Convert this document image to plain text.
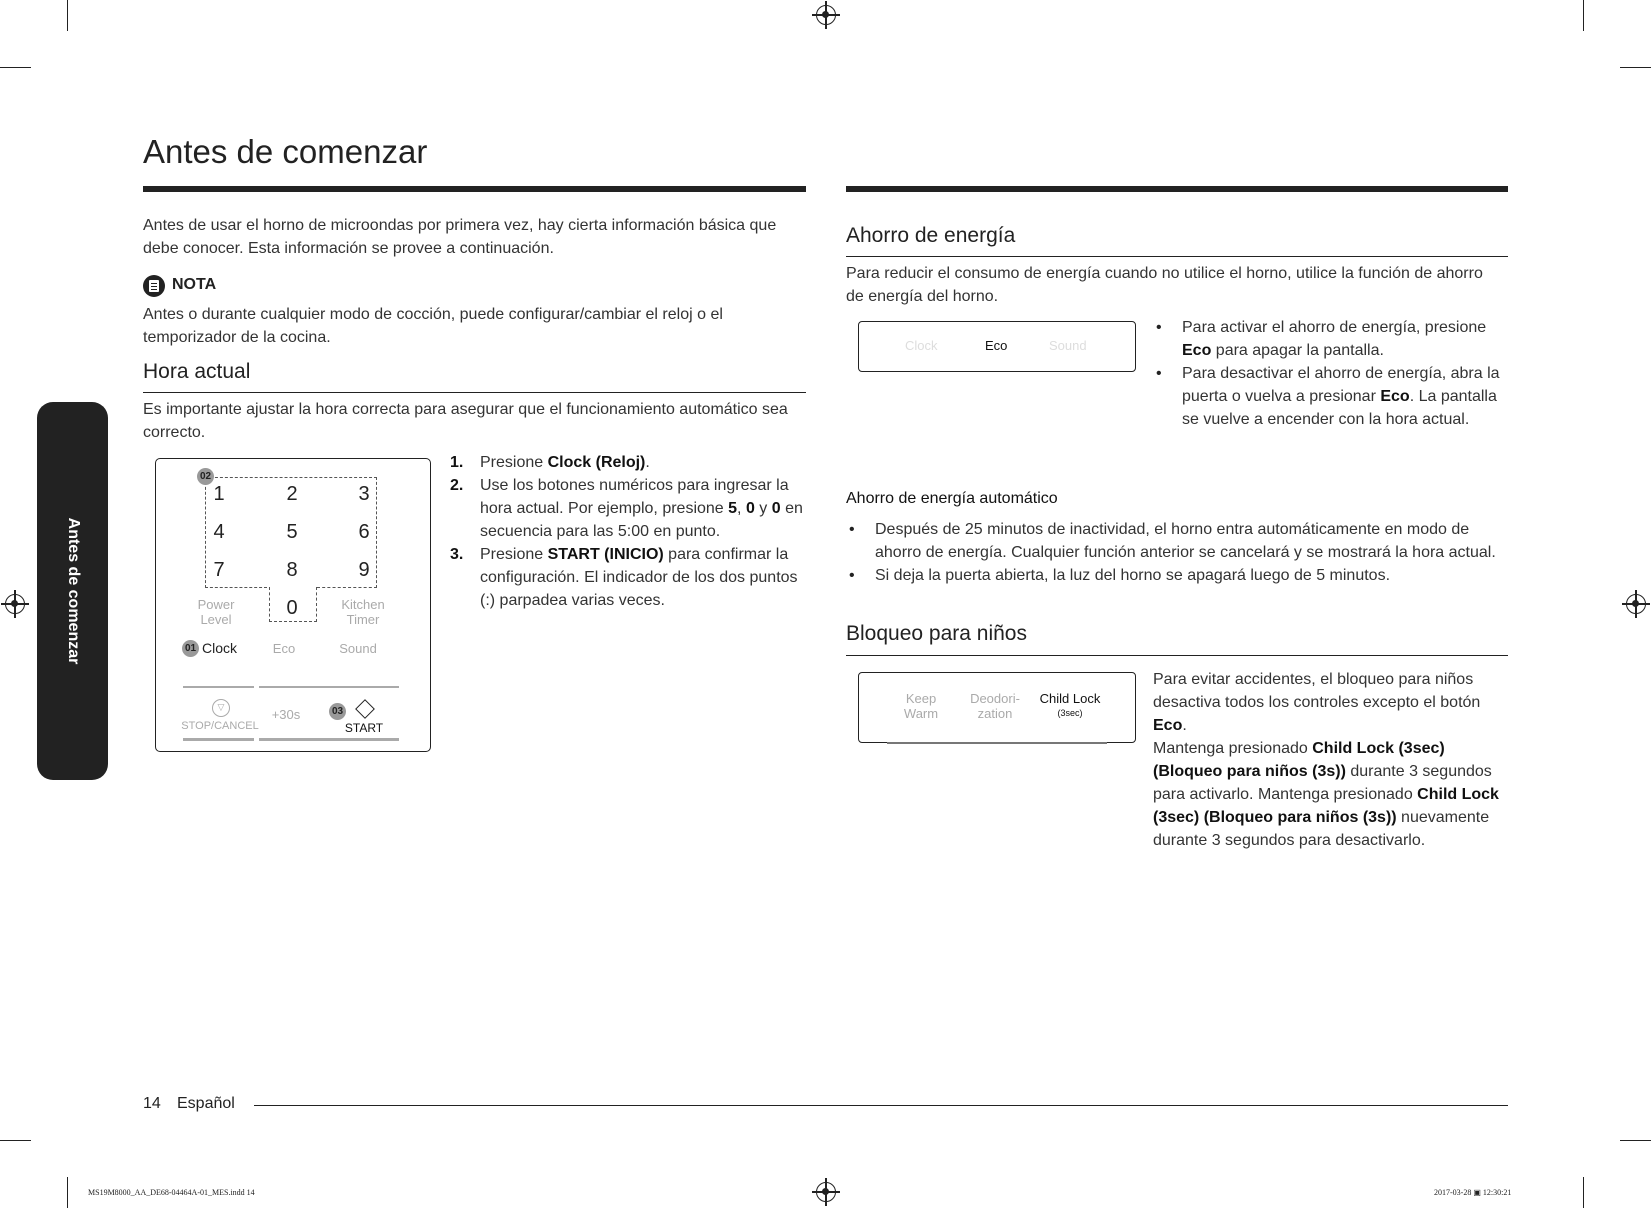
Antes de comenzar
Antes de comenzar

Antes de usar el horno de microondas por primera vez, hay cierta información básica que debe conocer. Esta información se provee a continuación.

NOTA

Antes o durante cualquier modo de cocción, puede configurar/cambiar el reloj o el temporizador de la cocina.

Hora actual

Es importante ajustar la hora correcta para asegurar que el funcionamiento automático sea correcto.

02
1	2	3
4	5	6
7	8	9
0
Power
Level
Kitchen
Timer
01 Clock	Eco	Sound
▽
STOP/CANCEL
+30s	03
START
1. Presione Clock (Reloj).
2. Use los botones numéricos para ingresar la hora actual. Por ejemplo, presione 5, 0 y 0 en secuencia para las 5:00 en punto.
3. Presione START (INICIO) para confirmar la configuración. El indicador de los dos puntos (:) parpadea varias veces.
Ahorro de energía

Para reducir el consumo de energía cuando no utilice el horno, utilice la función de ahorro de energía del horno.

Clock	Eco	Sound
• Para activar el ahorro de energía, presione Eco para apagar la pantalla.
• Para desactivar el ahorro de energía, abra la puerta o vuelva a presionar Eco. La pantalla se vuelve a encender con la hora actual.
Ahorro de energía automático
• Después de 25 minutos de inactividad, el horno entra automáticamente en modo de ahorro de energía. Cualquier función anterior se cancelará y se mostrará la hora actual.
• Si deja la puerta abierta, la luz del horno se apagará luego de 5 minutos.
Bloqueo para niños
Keep
Warm
Deodori-
zation
Child Lock
(3sec)

Para evitar accidentes, el bloqueo para niños desactiva todos los controles excepto el botón Eco.

Mantenga presionado Child Lock (3sec) (Bloqueo para niños (3s)) durante 3 segundos para activarlo. Mantenga presionado Child Lock (3sec) (Bloqueo para niños (3s)) nuevamente durante 3 segundos para desactivarlo.

14 Español
MS19M8000_AA_DE68-04464A-01_MES.indd 14	2017-03-28 ▣ 12:30:21
